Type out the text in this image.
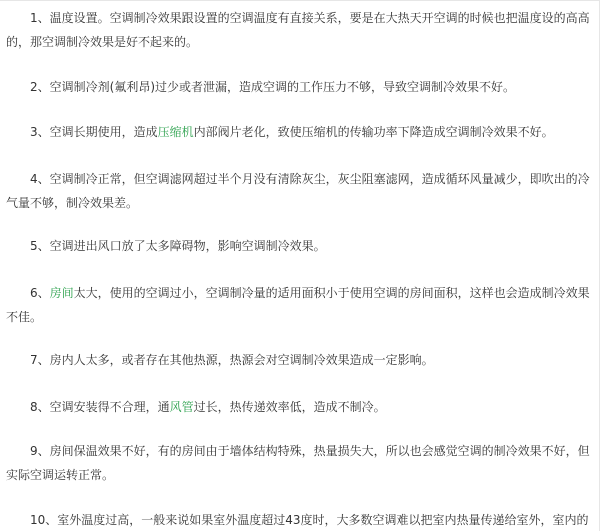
1、温度设置。空调制冷效果跟设置的空调温度有直接关系，要是在大热天开空调的时候也把温度设的高高的，那空调制冷效果是好不起来的。

2、空调制冷剂(氟利昂)过少或者泄漏，造成空调的工作压力不够，导致空调制冷效果不好。

3、空调长期使用，造成压缩机内部阀片老化，致使压缩机的传输功率下降造成空调制冷效果不好。

4、空调制冷正常，但空调滤网超过半个月没有清除灰尘，灰尘阻塞滤网，造成循环风量减少，即吹出的冷气量不够，制冷效果差。

5、空调进出风口放了太多障碍物，影响空调制冷效果。

6、房间太大，使用的空调过小，空调制冷量的适用面积小于使用空调的房间面积，这样也会造成制冷效果不佳。

7、房内人太多，或者存在其他热源，热源会对空调制冷效果造成一定影响。

8、空调安装得不合理，通风管过长，热传递效率低，造成不制冷。

9、房间保温效果不好，有的房间由于墙体结构特殊，热量损失大，所以也会感觉空调的制冷效果不好，但实际空调运转正常。

10、室外温度过高，一般来说如果室外温度超过43度时，大多数空调难以把室内热量传递给室外，室内的
